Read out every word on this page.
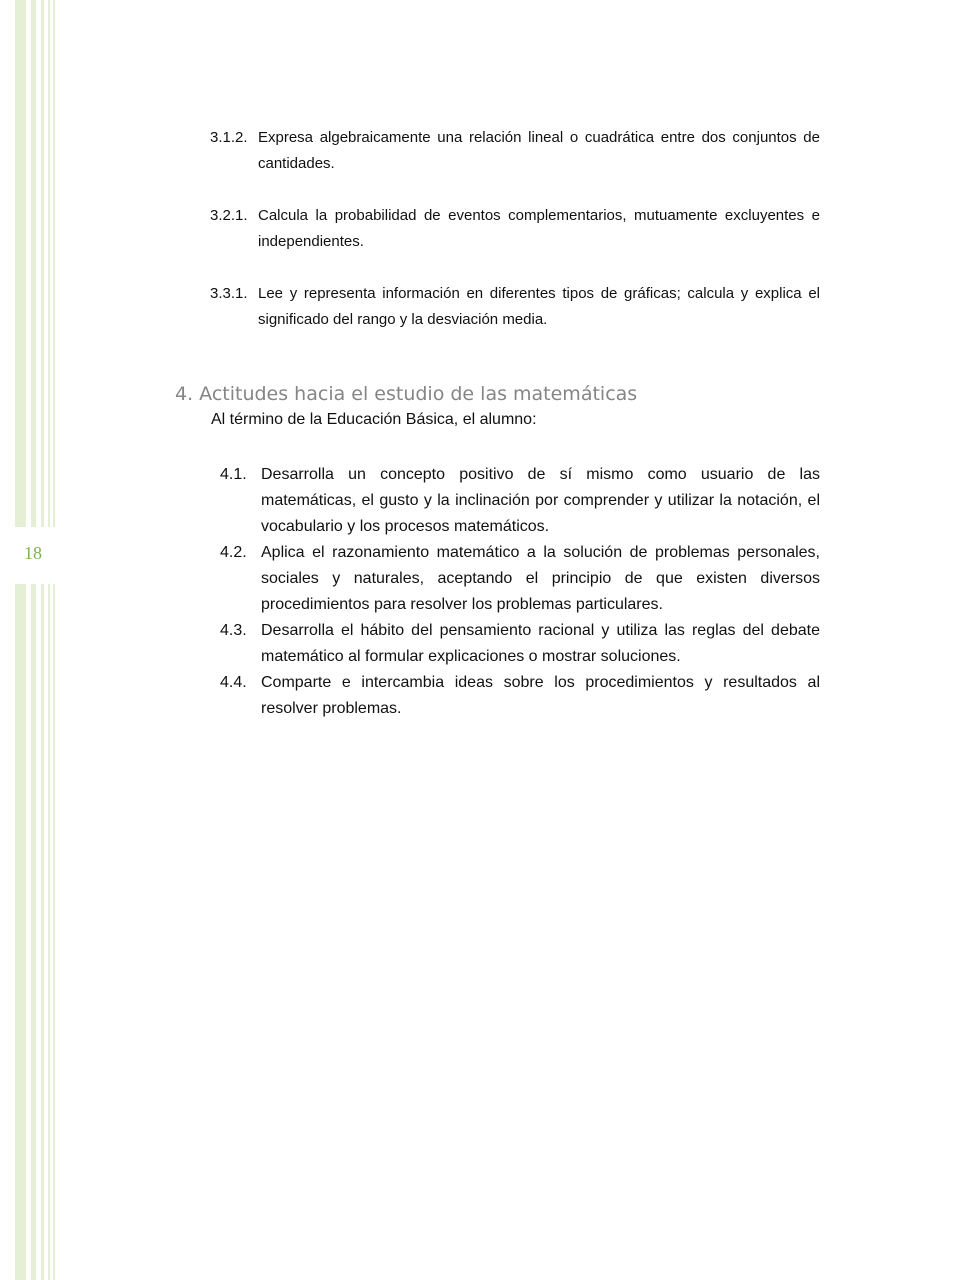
18
3.1.2. Expresa algebraicamente una relación lineal o cuadrática entre dos conjuntos de cantidades.
3.2.1. Calcula la probabilidad de eventos complementarios, mutuamente excluyentes e independientes.
3.3.1. Lee y representa información en diferentes tipos de gráficas; calcula y explica el significado del rango y la desviación media.
4. Actitudes hacia el estudio de las matemáticas
Al término de la Educación Básica, el alumno:
4.1. Desarrolla un concepto positivo de sí mismo como usuario de las matemáticas, el gusto y la inclinación por comprender y utilizar la notación, el vocabulario y los procesos matemáticos.
4.2. Aplica el razonamiento matemático a la solución de problemas personales, sociales y naturales, aceptando el principio de que existen diversos procedimientos para resolver los problemas particulares.
4.3. Desarrolla el hábito del pensamiento racional y utiliza las reglas del debate matemático al formular explicaciones o mostrar soluciones.
4.4. Comparte e intercambia ideas sobre los procedimientos y resultados al resolver problemas.
